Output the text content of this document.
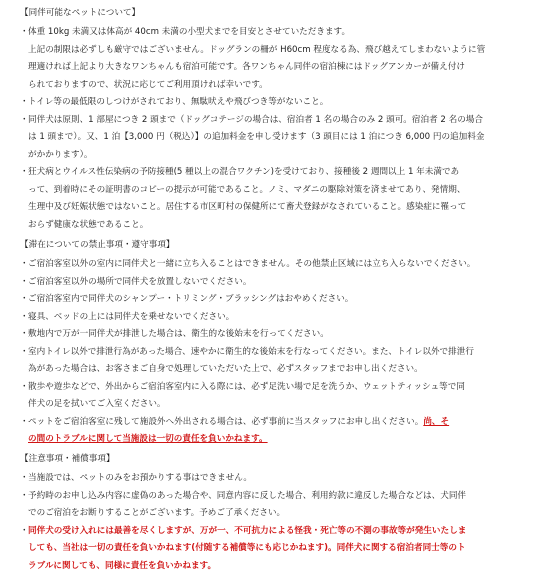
【同伴可能なペットについて】
・ 体重 10kg 未満又は体高が 40cm 未満の小型犬までを目安とさせていただきます。
上記の制限は必ずしも厳守ではございません。ドッグランの柵が H60cm 程度なる為、飛び越えてしまわないように管
理適ければ上記より大きなワンちゃんも宿泊可能です。各ワンちゃん同伴の宿泊棟にはドッグアンカーが備え付け
られておりますので、状況に応じてご利用頂ければ幸いです。
・ トイレ等の最低限のしつけがされており、無駄吠えや飛びつき等がないこと。
・ 同伴犬は原則、1 部屋につき 2 頭まで（ドッグコテージの場合は、宿泊者 1 名の場合のみ 2 頭可。宿泊者 2 名の場合
は 1 頭まで）。又、1 泊【3,000 円（税込）】の追加料金を申し受けます（3 頭目には 1 泊につき 6,000 円の追加料金
がかかります）。
・ 狂犬病とウイルス性伝染病の予防接種(5 種以上の混合ワクチン)を受けており、接種後 2 週間以上 1 年未満であ
って、到着時にその証明書のコピーの提示が可能であること。ノミ、マダニの駆除対策を済ませてあり、発情期、
生理中及び妊娠状態ではないこと。居住する市区町村の保健所にて畜犬登録がなされていること。感染症に罹って
おらず健康な状態であること。
【滞在についての禁止事項・遵守事項】
・ ご宿泊客室以外の室内に同伴犬と一緒に立ち入ることはできません。その他禁止区域には立ち入らないでください。
・ ご宿泊客室以外の場所で同伴犬を放置しないでください。
・ ご宿泊客室内で同伴犬のシャンプー・トリミング・ブラッシングはおやめください。
・ 寝具、ベッドの上には同伴犬を乗せないでください。
・ 敷地内で万が一同伴犬が排泄した場合は、衛生的な後始末を行ってください。
・ 室内トイレ以外で排泄行為があった場合、速やかに衛生的な後始末を行なってください。また、トイレ以外で排泄行
為があった場合は、お客さまご自身で処理していただいた上で、必ずスタッフまでお申し出ください。
・ 散歩や遊歩などで、外出からご宿泊客室内に入る際には、必ず足洗い場で足を洗うか、ウェットティッシュ等で同
伴犬の足を拭いてご入室ください。
・ ペットをご宿泊客室に残して施設外へ外出される場合は、必ず事前に当スタッフにお申し出ください。尚、そ
の間のトラブルに関して当施設は一切の責任を負いかねます。
【注意事項・補償事項】
・ 当施設では、ペットのみをお預かりする事はできません。
・ 予約時のお申し込み内容に虚偽のあった場合や、同意内容に反した場合、利用約款に違反した場合などは、犬同伴
でのご宿泊をお断りすることがございます。予めご了承ください。
・ 同伴犬の受け入れには最善を尽くしますが、万が一、不可抗力による怪我・死亡等の不測の事故等が発生いたしま
しても、当社は一切の責任を負いかねます(付随する補償等にも応じかねます)。同伴犬に関する宿泊者同士等のト
ラブルに関しても、同様に責任を負いかねます。
